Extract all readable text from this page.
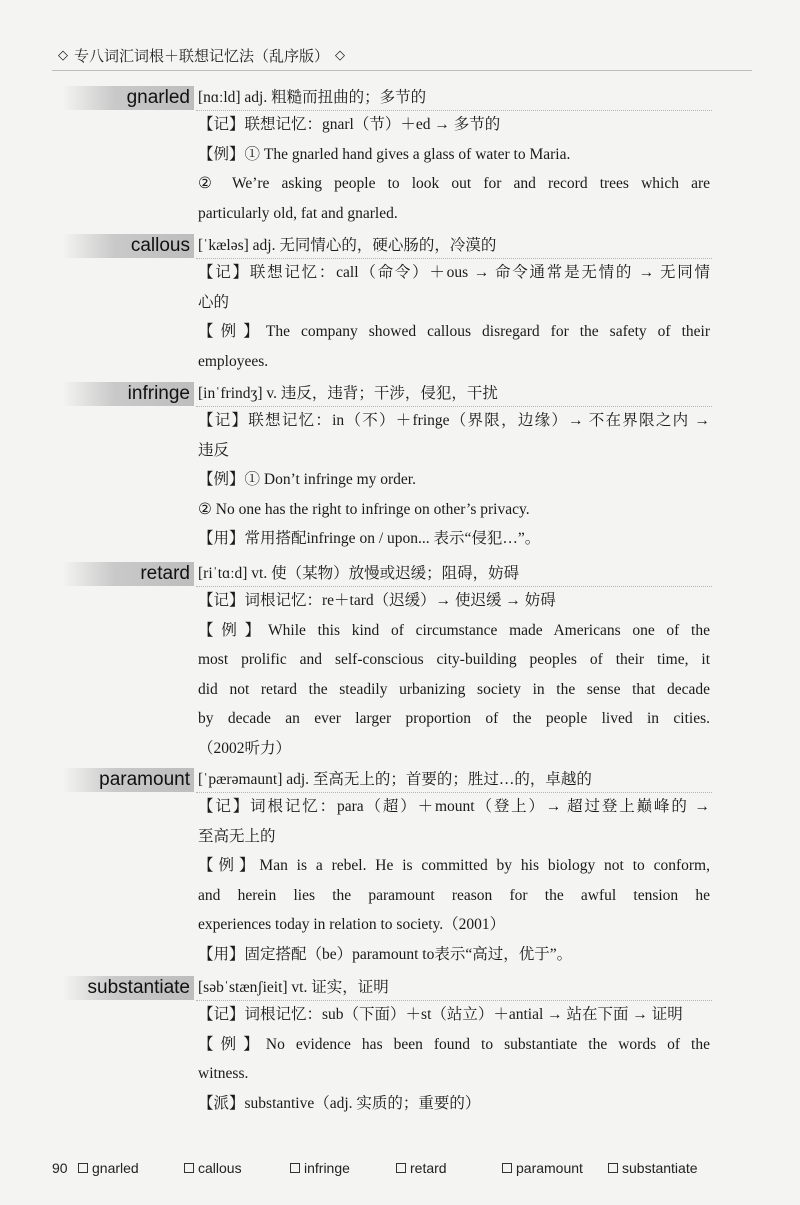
◇ 专八词汇词根＋联想记忆法（乱序版） ◇
gnarled [nɑːld] adj. 粗糙而扭曲的；多节的
【记】联想记忆：gnarl（节）＋ed → 多节的
【例】① The gnarled hand gives a glass of water to Maria.
② We’re asking people to look out for and record trees which are
particularly old, fat and gnarled.
callous [ˈkæləs] adj. 无同情心的，硬心肠的，冷漠的
【记】联想记忆：call（命令）＋ous → 命令通常是无情的 → 无同情
心的
【例】The company showed callous disregard for the safety of their
employees.
infringe [inˈfrindʒ] v. 违反，违背；干涉，侵犯，干扰
【记】联想记忆：in（不）＋fringe（界限，边缘）→ 不在界限之内 →
违反
【例】① Don’t infringe my order.
② No one has the right to infringe on other’s privacy.
【用】常用搭配infringe on / upon... 表示“侵犯…”。
retard [riˈtɑːd] vt. 使（某物）放慢或迟缓；阻碍，妨碍
【记】词根记忆：re＋tard（迟缓）→ 使迟缓 → 妨碍
【例】While this kind of circumstance made Americans one of the
most prolific and self-conscious city-building peoples of their time, it
did not retard the steadily urbanizing society in the sense that decade
by decade an ever larger proportion of the people lived in cities.
（2002听力）
paramount [ˈpærəmaunt] adj. 至高无上的；首要的；胜过…的，卓越的
【记】词根记忆：para（超）＋mount（登上）→ 超过登上巅峰的 →
至高无上的
【例】Man is a rebel. He is committed by his biology not to conform,
and herein lies the paramount reason for the awful tension he
experiences today in relation to society.（2001）
【用】固定搭配（be）paramount to表示“高过，优于”。
substantiate [səbˈstænʃieit] vt. 证实，证明
【记】词根记忆：sub（下面）＋st（站立）＋antial → 站在下面 → 证明
【例】No evidence has been found to substantiate the words of the
witness.
【派】substantive（adj. 实质的；重要的）
90	gnarled	callous	infringe	retard	paramount	substantiate
